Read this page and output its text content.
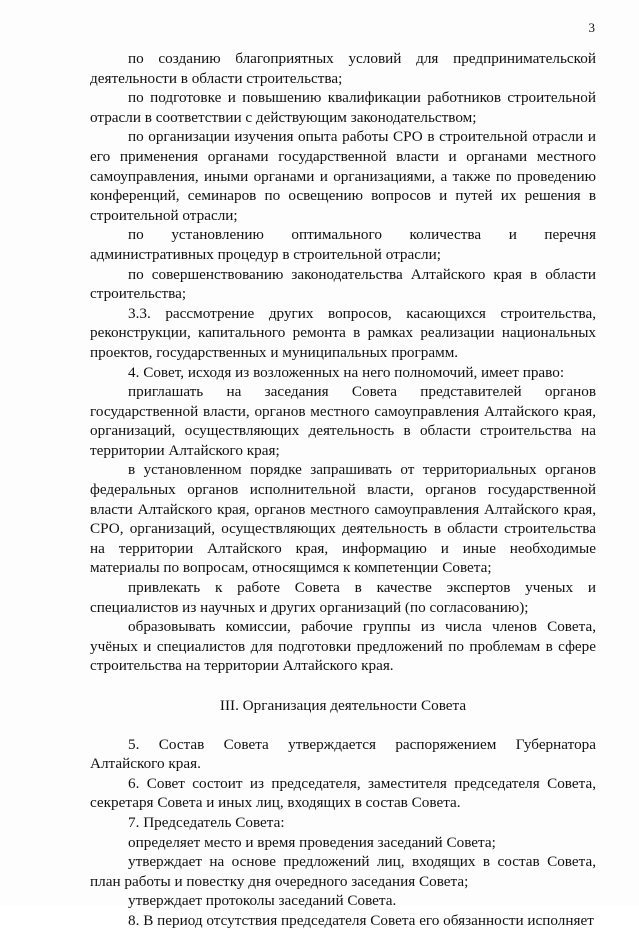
3

по созданию благоприятных условий для предпринимательской деятельности в области строительства;

по подготовке и повышению квалификации работников строительной отрасли в соответствии с действующим законодательством;

по организации изучения опыта работы СРО в строительной отрасли и его применения органами государственной власти и органами местного самоуправления, иными органами и организациями, а также по проведению конференций, семинаров по освещению вопросов и путей их решения в строительной отрасли;

по установлению оптимального количества и перечня административных процедур в строительной отрасли;

по совершенствованию законодательства Алтайского края в области строительства;

3.3. рассмотрение других вопросов, касающихся строительства, реконструкции, капитального ремонта в рамках реализации национальных проектов, государственных и муниципальных программ.

4. Совет, исходя из возложенных на него полномочий, имеет право:

приглашать на заседания Совета представителей органов государственной власти, органов местного самоуправления Алтайского края, организаций, осуществляющих деятельность в области строительства на территории Алтайского края;

в установленном порядке запрашивать от территориальных органов федеральных органов исполнительной власти, органов государственной власти Алтайского края, органов местного самоуправления Алтайского края, СРО, организаций, осуществляющих деятельность в области строительства на территории Алтайского края, информацию и иные необходимые материалы по вопросам, относящимся к компетенции Совета;

привлекать к работе Совета в качестве экспертов ученых и специалистов из научных и других организаций (по согласованию);

образовывать комиссии, рабочие группы из числа членов Совета, учёных и специалистов для подготовки предложений по проблемам в сфере строительства на территории Алтайского края.

III. Организация деятельности Совета

5. Состав Совета утверждается распоряжением Губернатора Алтайского края.

6. Совет состоит из председателя, заместителя председателя Совета, секретаря Совета и иных лиц, входящих в состав Совета.

7. Председатель Совета:

определяет место и время проведения заседаний Совета;

утверждает на основе предложений лиц, входящих в состав Совета, план работы и повестку дня очередного заседания Совета;

утверждает протоколы заседаний Совета.

8. В период отсутствия председателя Совета его обязанности исполняет
